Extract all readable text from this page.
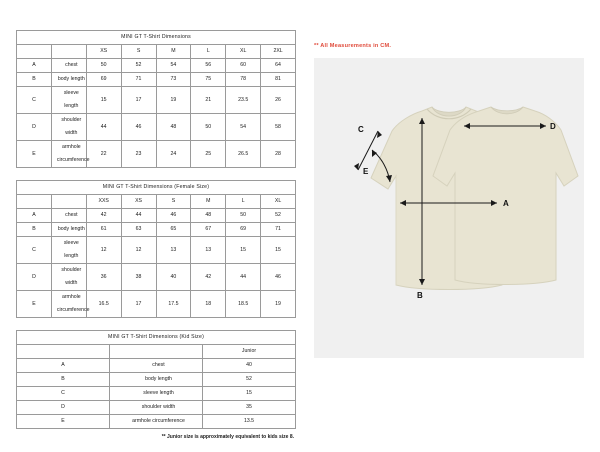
MINI GT T-Shirt Dimensions							
		XS	S	M	L	XL	2XL
A	chest	50	52	54	56	60	64
B	body length	69	71	73	75	78	81
C	sleeve length	15	17	19	21	23.5	26
D	shoulder width	44	46	48	50	54	58
E	armhole circumference	22	23	24	25	26.5	28
MINI GT T-Shirt Dimensions (Female Size)							
		XXS	XS	S	M	L	XL
A	chest	42	44	46	48	50	52
B	body length	61	63	65	67	69	71
C	sleeve length	12	12	13	13	15	15
D	shoulder width	36	38	40	42	44	46
E	armhole circumference	16.5	17	17.5	18	18.5	19
MINI GT T-Shirt Dimensions (Kid Size)		
		Junior
A	chest	40
B	body length	52
C	sleeve length	15
D	shoulder width	35
E	armhole circumference	13.5
** Junior size is approximately equivalent to kids size 8.
** All Measurements in CM.
A
B
C	D
E
